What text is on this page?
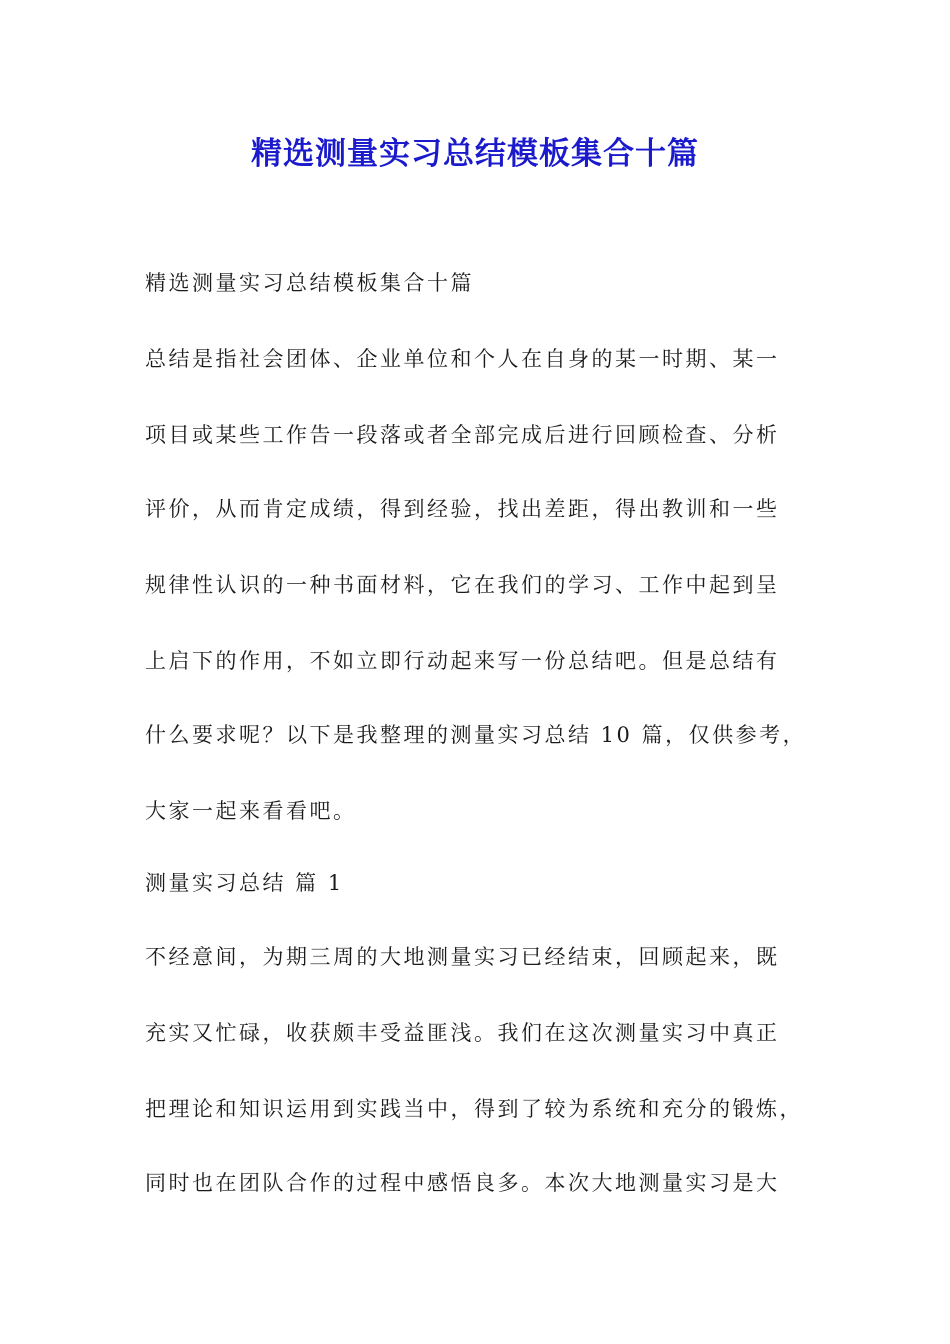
精选测量实习总结模板集合十篇

精选测量实习总结模板集合十篇

总结是指社会团体、企业单位和个人在自身的某一时期、某一

项目或某些工作告一段落或者全部完成后进行回顾检查、分析

评价，从而肯定成绩，得到经验，找出差距，得出教训和一些

规律性认识的一种书面材料，它在我们的学习、工作中起到呈

上启下的作用，不如立即行动起来写一份总结吧。但是总结有

什么要求呢？以下是我整理的测量实习总结 10 篇，仅供参考，

大家一起来看看吧。

测量实习总结 篇 1

不经意间，为期三周的大地测量实习已经结束，回顾起来，既

充实又忙碌，收获颇丰受益匪浅。我们在这次测量实习中真正

把理论和知识运用到实践当中，得到了较为系统和充分的锻炼，

同时也在团队合作的过程中感悟良多。本次大地测量实习是大
